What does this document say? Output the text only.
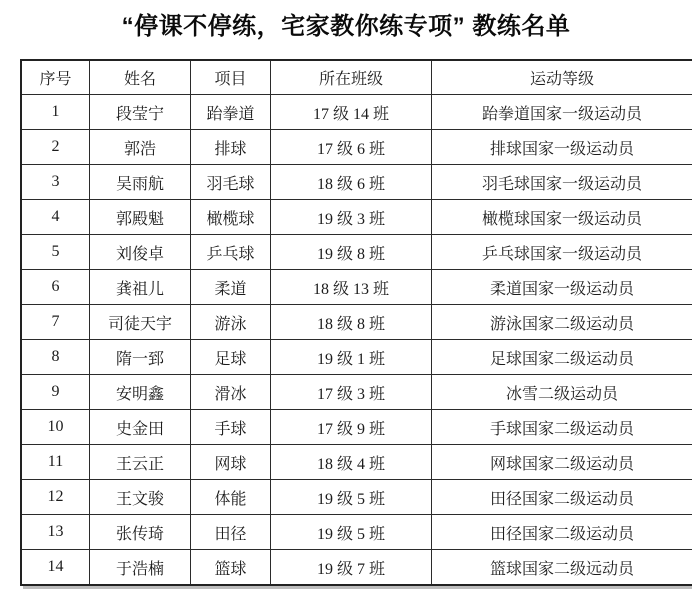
“停课不停练，宅家教你练专项” 教练名单
序号	姓名	项目	所在班级	运动等级
1	段莹宁	跆拳道	17 级 14 班	跆拳道国家一级运动员
2	郭浩	排球	17 级 6 班	排球国家一级运动员
3	吴雨航	羽毛球	18 级 6 班	羽毛球国家一级运动员
4	郭殿魁	橄榄球	19 级 3 班	橄榄球国家一级运动员
5	刘俊卓	乒乓球	19 级 8 班	乒乓球国家一级运动员
6	龚祖儿	柔道	18 级 13 班	柔道国家一级运动员
7	司徒天宇	游泳	18 级 8 班	游泳国家二级运动员
8	隋一郅	足球	19 级 1 班	足球国家二级运动员
9	安明鑫	滑冰	17 级 3 班	冰雪二级运动员
10	史金田	手球	17 级 9 班	手球国家二级运动员
11	王云正	网球	18 级 4 班	网球国家二级运动员
12	王文骏	体能	19 级 5 班	田径国家二级运动员
13	张传琦	田径	19 级 5 班	田径国家二级运动员
14	于浩楠	篮球	19 级 7 班	篮球国家二级远动员
